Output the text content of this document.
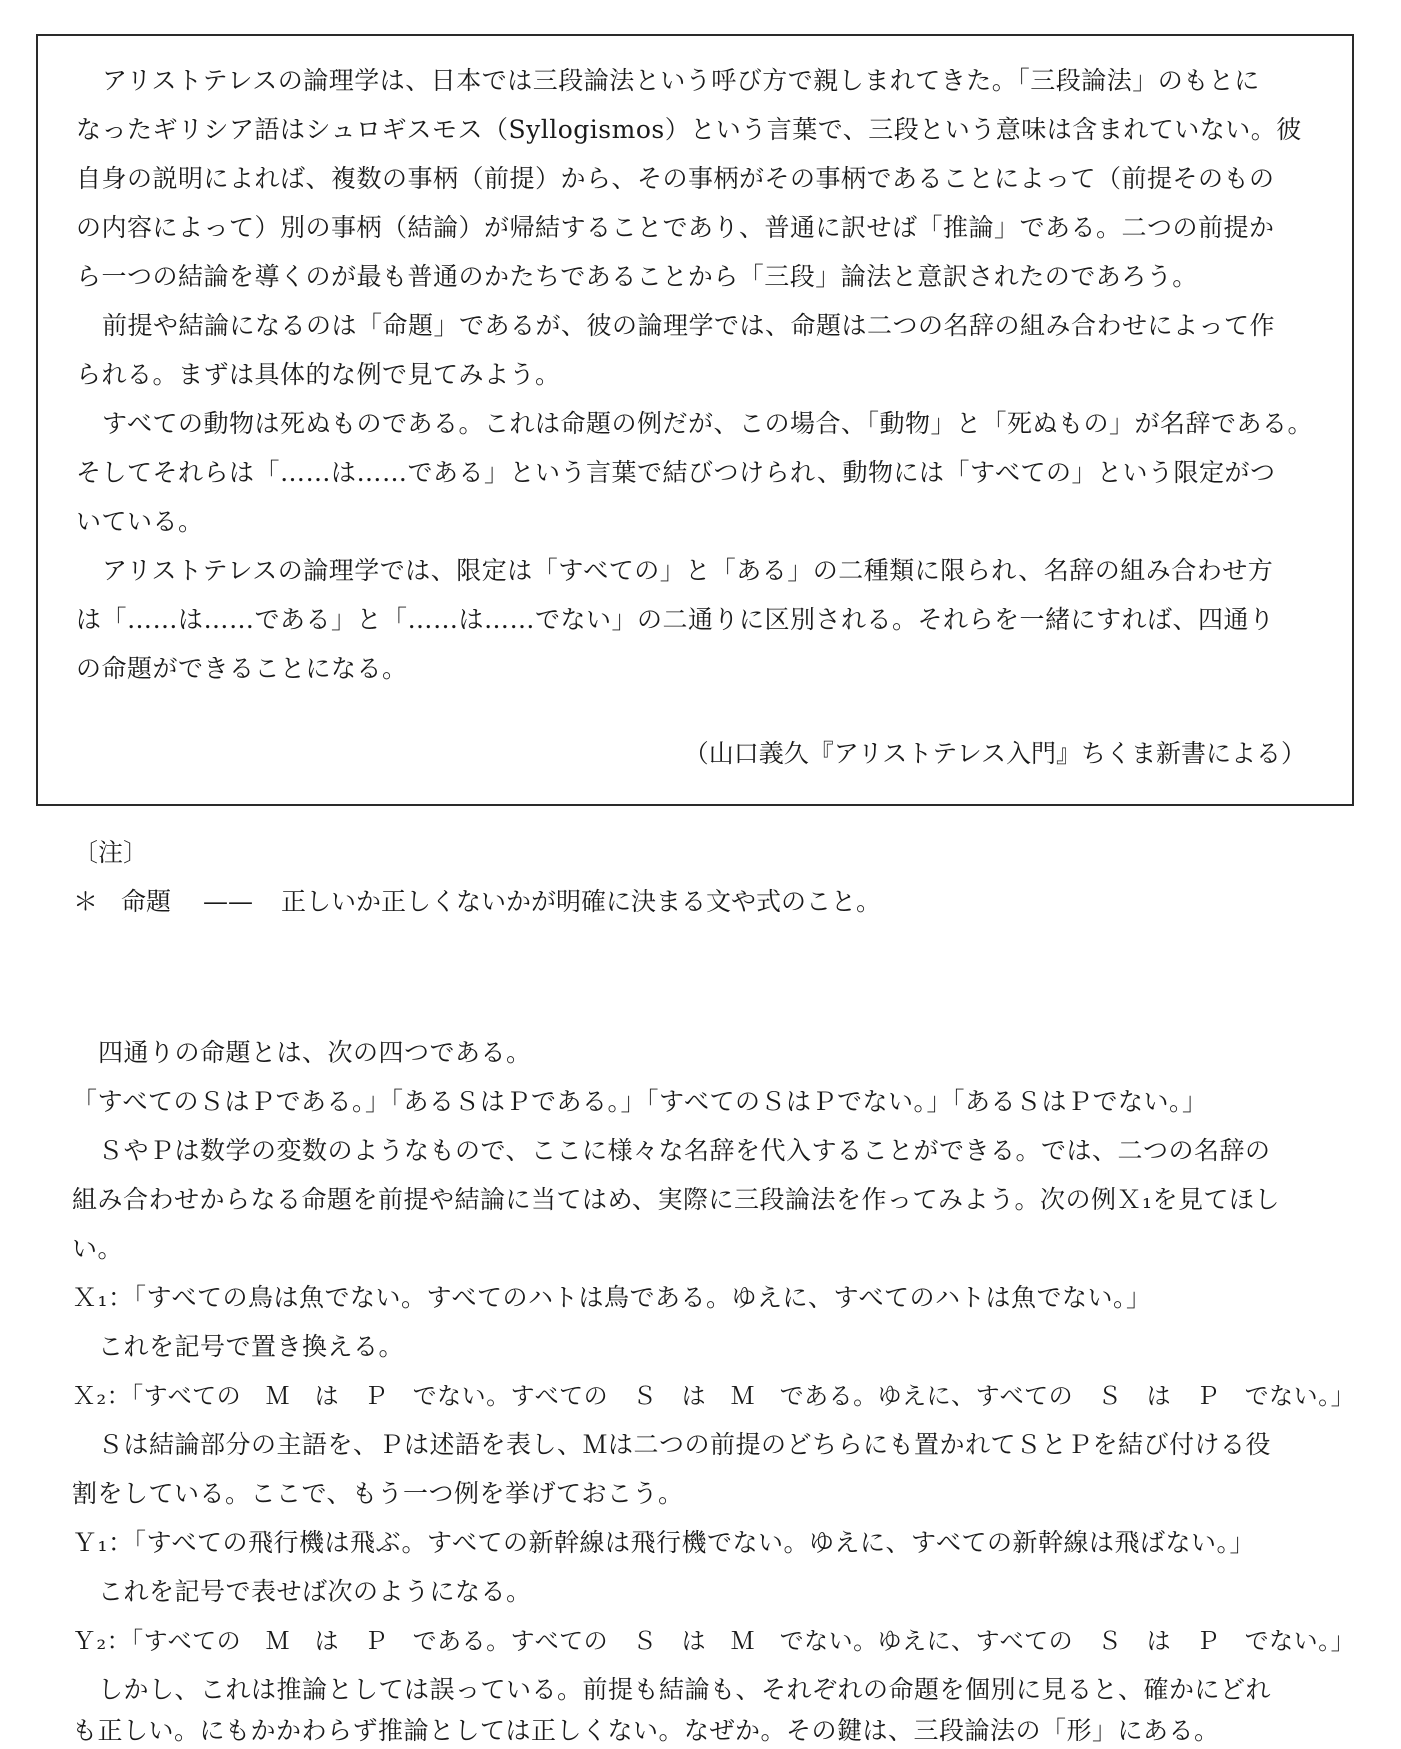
アリストテレスの論理学は、日本では三段論法という呼び方で親しまれてきた。「三段論法」のもとに
なったギリシア語はシュロギスモス（Syllogismos）という言葉で、三段という意味は含まれていない。彼
自身の説明によれば、複数の事柄（前提）から、その事柄がその事柄であることによって（前提そのもの
の内容によって）別の事柄（結論）が帰結することであり、普通に訳せば「推論」である。二つの前提か
ら一つの結論を導くのが最も普通のかたちであることから「三段」論法と意訳されたのであろう。
前提や結論になるのは「命題」であるが、彼の論理学では、命題は二つの名辞の組み合わせによって作
られる。まずは具体的な例で見てみよう。
すべての動物は死ぬものである。これは命題の例だが、この場合、「動物」と「死ぬもの」が名辞である。
そしてそれらは「……は……である」という言葉で結びつけられ、動物には「すべての」という限定がつ
いている。
アリストテレスの論理学では、限定は「すべての」と「ある」の二種類に限られ、名辞の組み合わせ方
は「……は……である」と「……は……でない」の二通りに区別される。それらを一緒にすれば、四通り
の命題ができることになる。
（山口義久『アリストテレス入門』ちくま新書による）
〔注〕
＊ 命題 —— 正しいか正しくないかが明確に決まる文や式のこと。
四通りの命題とは、次の四つである。
「すべてのＳはＰである。」「あるＳはＰである。」「すべてのＳはＰでない。」「あるＳはＰでない。」
ＳやＰは数学の変数のようなもので、ここに様々な名辞を代入することができる。では、二つの名辞の
組み合わせからなる命題を前提や結論に当てはめ、実際に三段論法を作ってみよう。次の例Ｘ₁を見てほし
い。
Ｘ₁：「すべての鳥は魚でない。すべてのハトは鳥である。ゆえに、すべてのハトは魚でない。」
これを記号で置き換える。
Ｘ₂：「すべての　Ｍ　は　Ｐ　でない。すべての　Ｓ　は　Ｍ　である。ゆえに、すべての　Ｓ　は　Ｐ　でない。」
Ｓは結論部分の主語を、Ｐは述語を表し、Ｍは二つの前提のどちらにも置かれてＳとＰを結び付ける役
割をしている。ここで、もう一つ例を挙げておこう。
Ｙ₁：「すべての飛行機は飛ぶ。すべての新幹線は飛行機でない。ゆえに、すべての新幹線は飛ばない。」
これを記号で表せば次のようになる。
Ｙ₂：「すべての　Ｍ　は　Ｐ　である。すべての　Ｓ　は　Ｍ　でない。ゆえに、すべての　Ｓ　は　Ｐ　でない。」
しかし、これは推論としては誤っている。前提も結論も、それぞれの命題を個別に見ると、確かにどれ
も正しい。にもかかわらず推論としては正しくない。なぜか。その鍵は、三段論法の「形」にある。
